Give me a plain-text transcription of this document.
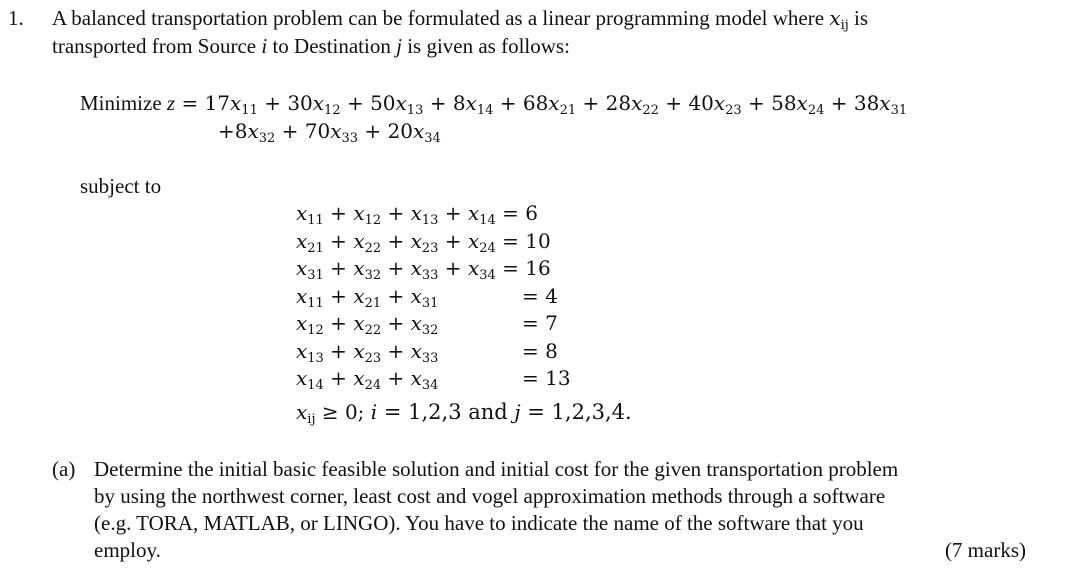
1. A balanced transportation problem can be formulated as a linear programming model where $x_{ij}$ is
transported from Source i to Destination j is given as follows:
Minimize $z = 17x_{11} + 30x_{12} + 50x_{13} + 8x_{14} + 68x_{21} + 28x_{22} + 40x_{23} + 58x_{24} + 38x_{31}$
$+8x_{32} + 70x_{33} + 20x_{34}$
subject to
$x_{11} + x_{12} + x_{13} + x_{14} = 6$
$x_{21} + x_{22} + x_{23} + x_{24} = 10$
$x_{31} + x_{32} + x_{33} + x_{34} = 16$
$x_{11} + x_{21} + x_{31}$	= 4
$x_{12} + x_{22} + x_{32}$	= 7
$x_{13} + x_{23} + x_{33}$	= 8
$x_{14} + x_{24} + x_{34}$	= 13
$x_{ij} \ge 0$; i = 1,2,3 and j = 1,2,3,4.
(a) Determine the initial basic feasible solution and initial cost for the given transportation problem
by using the northwest corner, least cost and vogel approximation methods through a software
(e.g. TORA, MATLAB, or LINGO). You have to indicate the name of the software that you
employ.	(7 marks)
